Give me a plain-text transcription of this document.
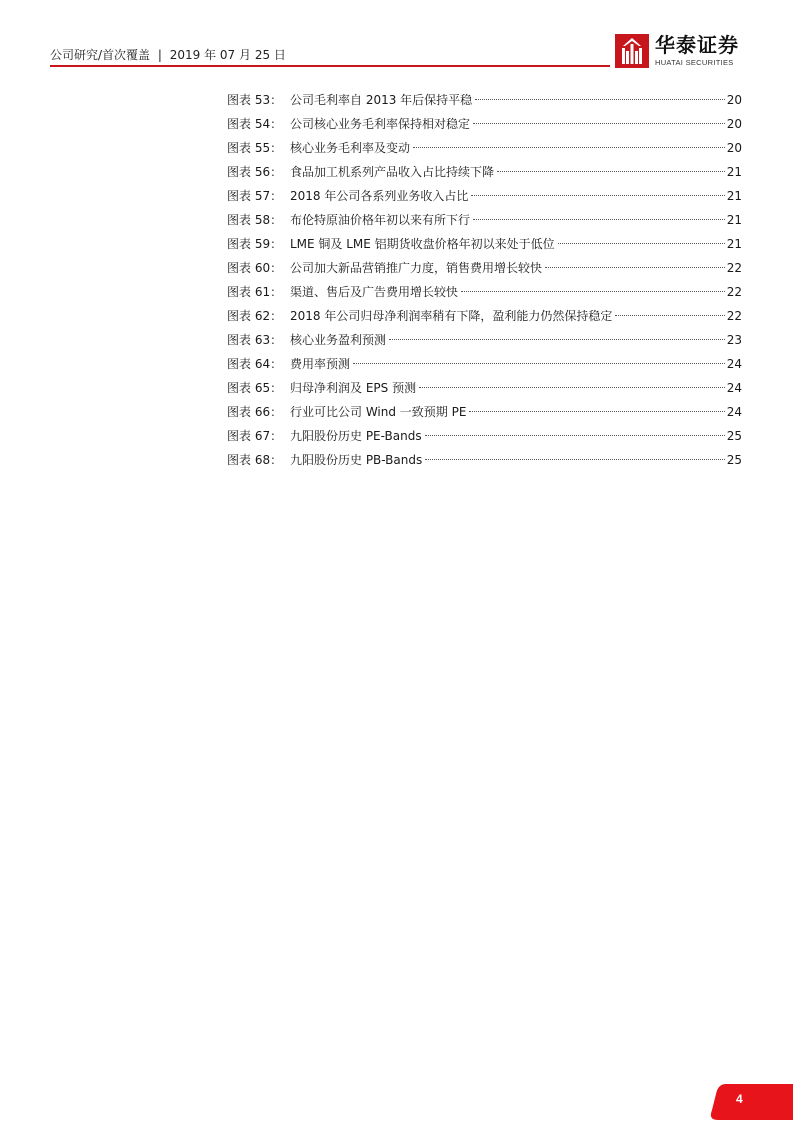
公司研究/首次覆盖 | 2019 年 07 月 25 日	华泰证券
HUATAI SECURITIES
图表 53： 公司毛利率自 2013 年后保持平稳	20
图表 54： 公司核心业务毛利率保持相对稳定	20
图表 55： 核心业务毛利率及变动	20
图表 56： 食品加工机系列产品收入占比持续下降	21
图表 57： 2018 年公司各系列业务收入占比	21
图表 58： 布伦特原油价格年初以来有所下行	21
图表 59： LME 铜及 LME 铝期货收盘价格年初以来处于低位	21
图表 60： 公司加大新品营销推广力度，销售费用增长较快	22
图表 61： 渠道、售后及广告费用增长较快	22
图表 62： 2018 年公司归母净利润率稍有下降，盈利能力仍然保持稳定	22
图表 63： 核心业务盈利预测	23
图表 64： 费用率预测	24
图表 65： 归母净利润及 EPS 预测	24
图表 66： 行业可比公司 Wind 一致预期 PE	24
图表 67： 九阳股份历史 PE-Bands	25
图表 68： 九阳股份历史 PB-Bands	25
4
